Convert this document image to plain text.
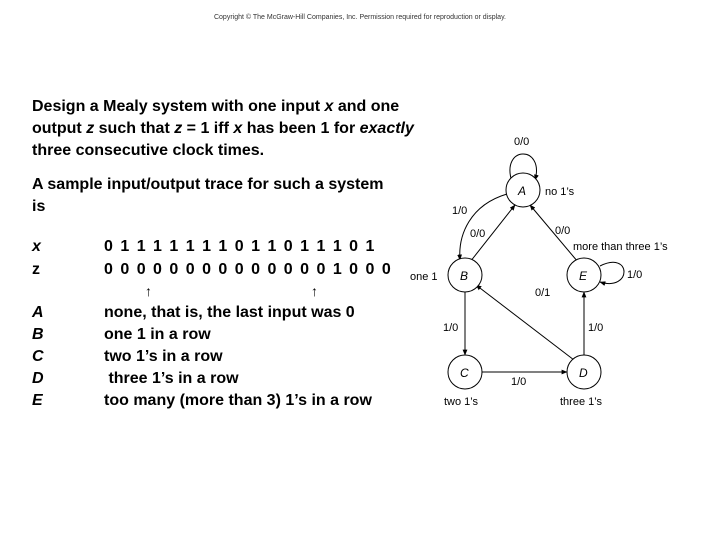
Copyright © The McGraw-Hill Companies, Inc. Permission required for reproduction or display.
Design a Mealy system with one input x and one output z such that z = 1 iff x has been 1 for exactly three consecutive clock times.
A sample input/output trace for such a system is
x	0 1 1 1 1 1 1 1 0 1 1 0 1 1 1 0 1
z	0 0 0 0 0 0 0 0 0 0 0 0 0 0 1 0 0 0
↑	↑
A	none, that is, the last input was 0
B	one 1 in a row
C	two 1’s in a row
D	three 1’s in a row
E	too many (more than 3) 1’s in a row
0/0
1/0
0/0	0/0
0/1
1/0
1/0
1/0
1/0
A
B	E
C	D
no 1’s
one 1
more than three 1’s
two 1’s	three 1’s
